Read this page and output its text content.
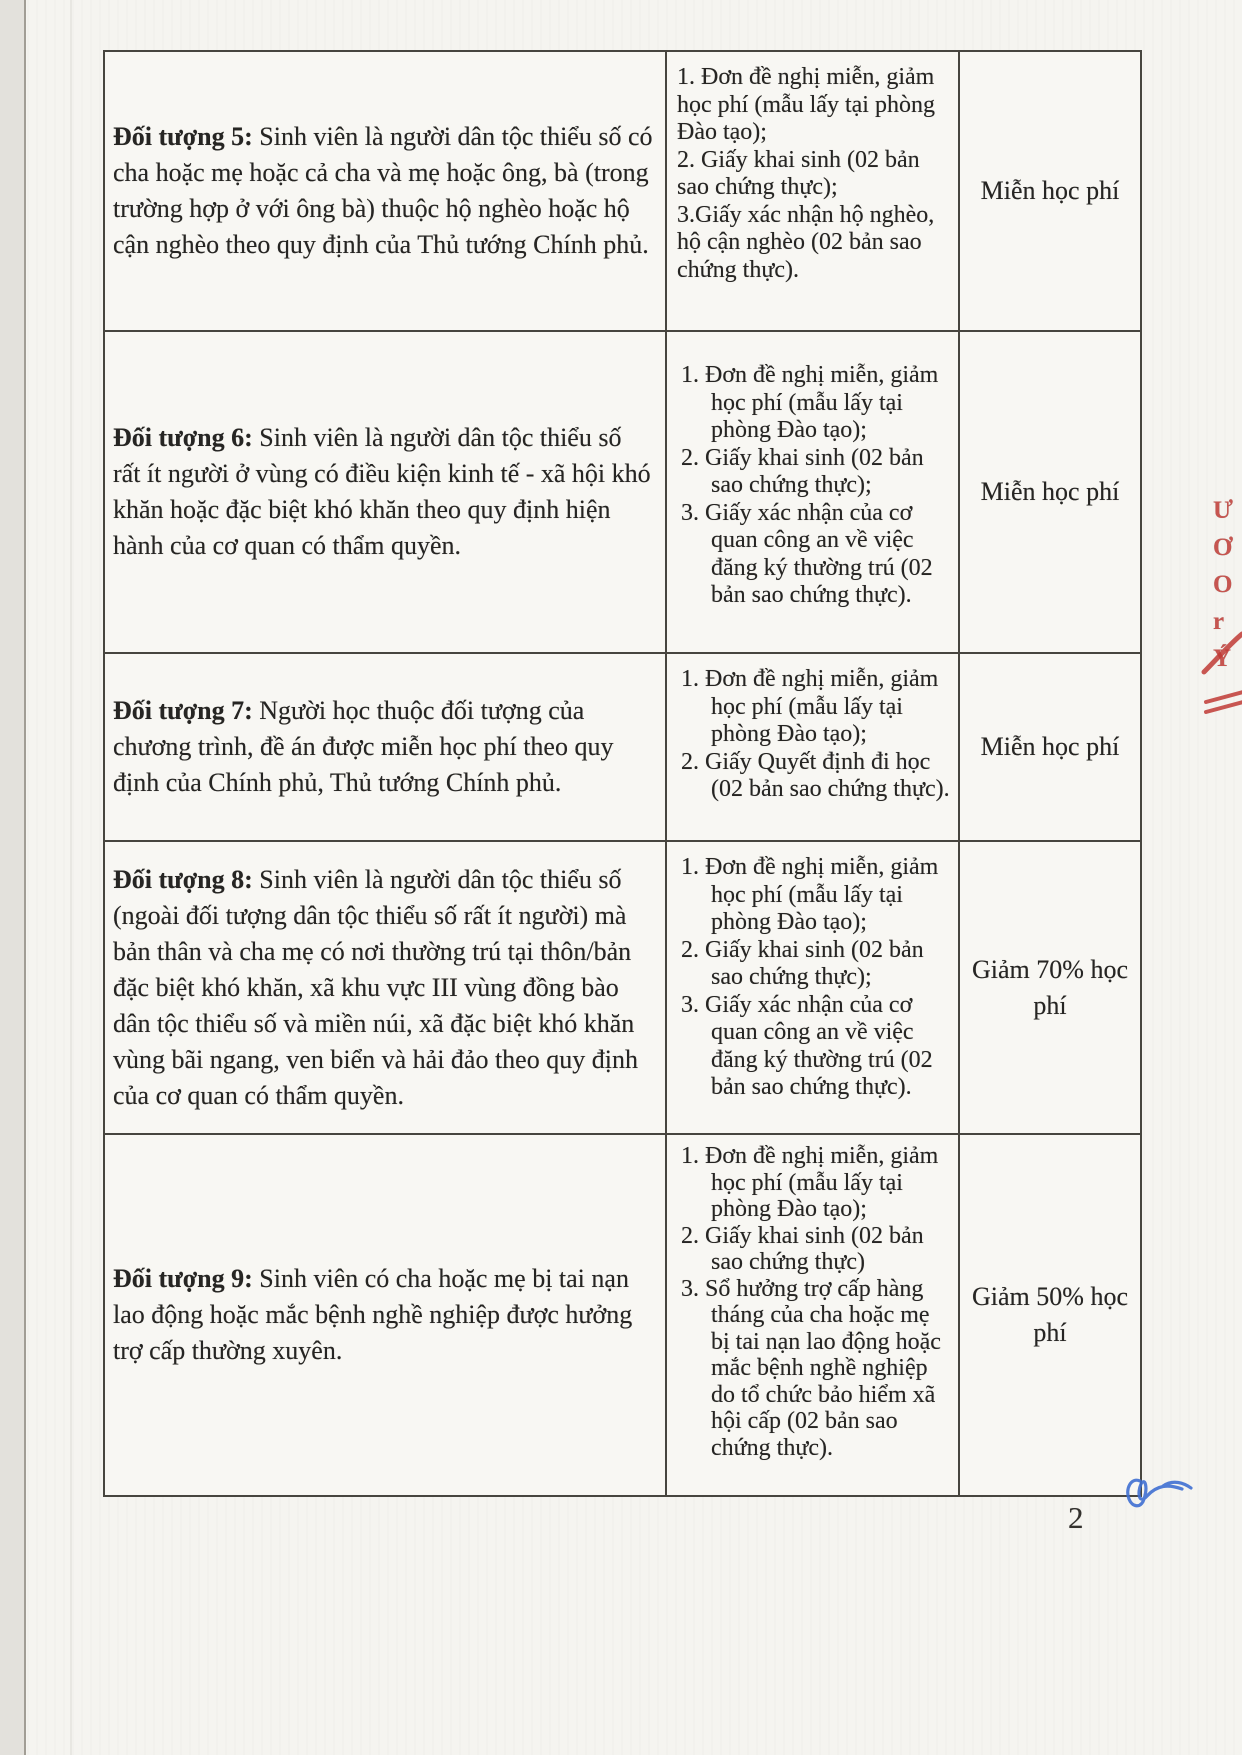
Đối tượng 5: Sinh viên là người dân tộc thiểu số có cha hoặc mẹ hoặc cả cha và mẹ hoặc ông, bà (trong trường hợp ở với ông bà) thuộc hộ nghèo hoặc hộ cận nghèo theo quy định của Thủ tướng Chính phủ.
1. Đơn đề nghị miễn, giảm học phí (mẫu lấy tại phòng Đào tạo);
2. Giấy khai sinh (02 bản sao chứng thực);
3.Giấy xác nhận hộ nghèo, hộ cận nghèo (02 bản sao chứng thực).
Miễn học phí
Đối tượng 6: Sinh viên là người dân tộc thiểu số rất ít người ở vùng có điều kiện kinh tế - xã hội khó khăn hoặc đặc biệt khó khăn theo quy định hiện hành của cơ quan có thẩm quyền.
1. Đơn đề nghị miễn, giảm học phí (mẫu lấy tại phòng Đào tạo);
2. Giấy khai sinh (02 bản sao chứng thực);
3. Giấy xác nhận của cơ quan công an về việc đăng ký thường trú (02 bản sao chứng thực).
Miễn học phí
Đối tượng 7: Người học thuộc đối tượng của chương trình, đề án được miễn học phí theo quy định của Chính phủ, Thủ tướng Chính phủ.
1. Đơn đề nghị miễn, giảm học phí (mẫu lấy tại phòng Đào tạo);
2. Giấy Quyết định đi học (02 bản sao chứng thực).
Miễn học phí
Đối tượng 8: Sinh viên là người dân tộc thiểu số (ngoài đối tượng dân tộc thiểu số rất ít người) mà bản thân và cha mẹ có nơi thường trú tại thôn/bản đặc biệt khó khăn, xã khu vực III vùng đồng bào dân tộc thiểu số và miền núi, xã đặc biệt khó khăn vùng bãi ngang, ven biển và hải đảo theo quy định của cơ quan có thẩm quyền.
1. Đơn đề nghị miễn, giảm học phí (mẫu lấy tại phòng Đào tạo);
2. Giấy khai sinh (02 bản sao chứng thực);
3. Giấy xác nhận của cơ quan công an về việc đăng ký thường trú (02 bản sao chứng thực).
Giảm 70% học phí
Đối tượng 9: Sinh viên có cha hoặc mẹ bị tai nạn lao động hoặc mắc bệnh nghề nghiệp được hưởng trợ cấp thường xuyên.
1. Đơn đề nghị miễn, giảm học phí (mẫu lấy tại phòng Đào tạo);
2. Giấy khai sinh (02 bản sao chứng thực)
3. Sổ hưởng trợ cấp hàng tháng của cha hoặc mẹ bị tai nạn lao động hoặc mắc bệnh nghề nghiệp do tổ chức bảo hiểm xã hội cấp (02 bản sao chứng thực).
Giảm 50% học phí
Ư
Ơ
O
r
Ý
2
